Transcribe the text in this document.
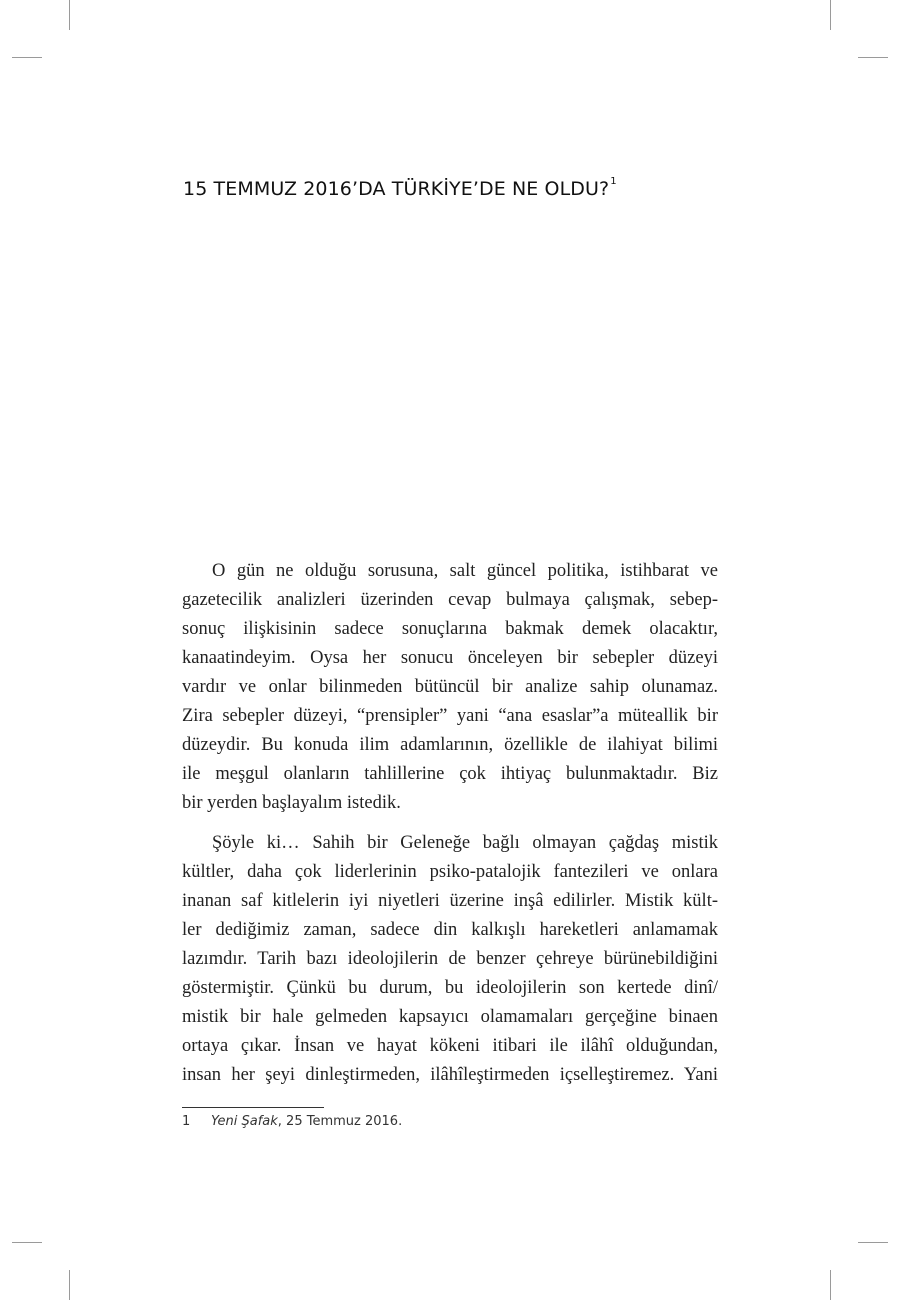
15 TEMMUZ 2016’DA TÜRKİYE’DE NE OLDU?$^1$

O gün ne olduğu sorusuna, salt güncel politika, istihbarat ve

gazetecilik analizleri üzerinden cevap bulmaya çalışmak, sebep-

sonuç ilişkisinin sadece sonuçlarına bakmak demek olacaktır,

kanaatindeyim. Oysa her sonucu önceleyen bir sebepler düzeyi

vardır ve onlar bilinmeden bütüncül bir analize sahip olunamaz.

Zira sebepler düzeyi, “prensipler” yani “ana esaslar”a müteallik bir

düzeydir. Bu konuda ilim adamlarının, özellikle de ilahiyat bilimi

ile meşgul olanların tahlillerine çok ihtiyaç bulunmaktadır. Biz

bir yerden başlayalım istedik.

Şöyle ki… Sahih bir Geleneğe bağlı olmayan çağdaş mistik

kültler, daha çok liderlerinin psiko-patalojik fantezileri ve onlara

inanan saf kitlelerin iyi niyetleri üzerine inşâ edilirler. Mistik kült-

ler dediğimiz zaman, sadece din kalkışlı hareketleri anlamamak

lazımdır. Tarih bazı ideolojilerin de benzer çehreye bürünebildiğini

göstermiştir. Çünkü bu durum, bu ideolojilerin son kertede dinî/

mistik bir hale gelmeden kapsayıcı olamamaları gerçeğine binaen

ortaya çıkar. İnsan ve hayat kökeni itibari ile ilâhî olduğundan,

insan her şeyi dinleştirmeden, ilâhîleştirmeden içselleştiremez. Yani

1 Yeni Şafak, 25 Temmuz 2016.
